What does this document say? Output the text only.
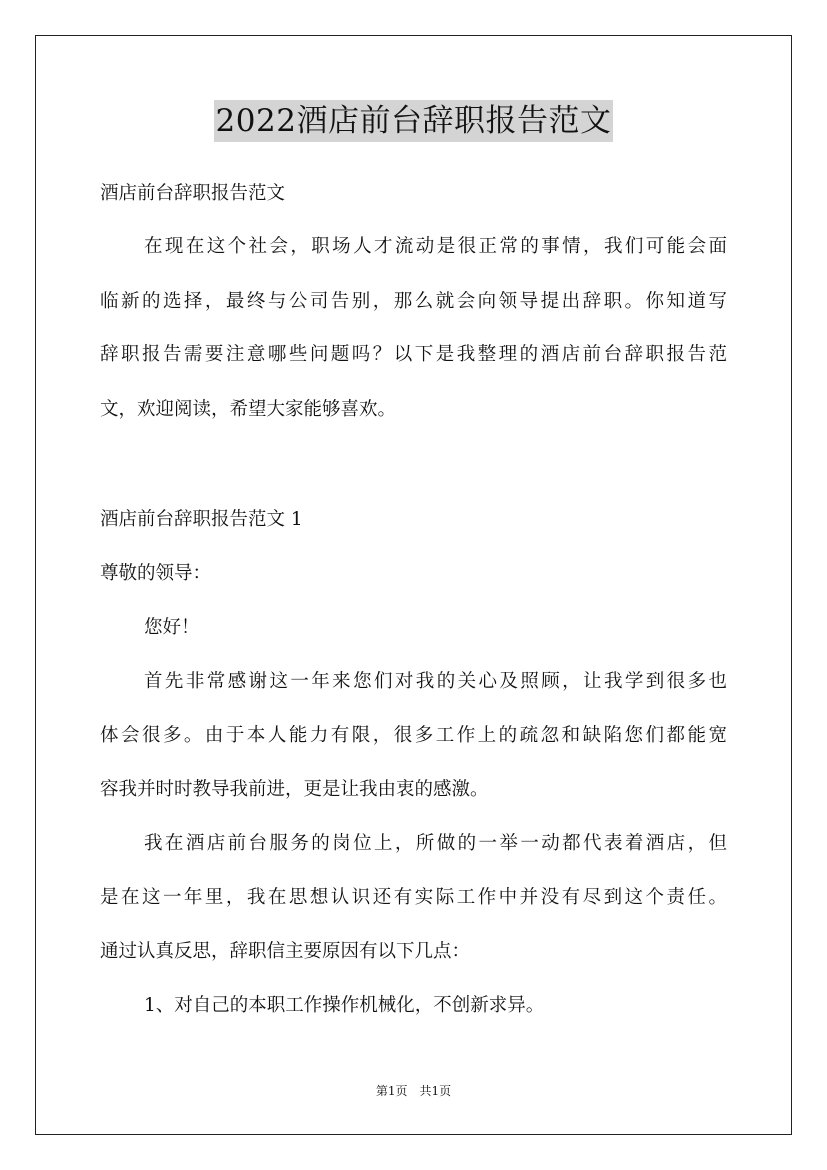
2022酒店前台辞职报告范文
酒店前台辞职报告范文
在现在这个社会，职场人才流动是很正常的事情，我们可能会面
临新的选择，最终与公司告别，那么就会向领导提出辞职。你知道写
辞职报告需要注意哪些问题吗？以下是我整理的酒店前台辞职报告范
文，欢迎阅读，希望大家能够喜欢。
酒店前台辞职报告范文 1
尊敬的领导：
您好！
首先非常感谢这一年来您们对我的关心及照顾，让我学到很多也
体会很多。由于本人能力有限，很多工作上的疏忽和缺陷您们都能宽
容我并时时教导我前进，更是让我由衷的感激。
我在酒店前台服务的岗位上，所做的一举一动都代表着酒店，但
是在这一年里，我在思想认识还有实际工作中并没有尽到这个责任。
通过认真反思，辞职信主要原因有以下几点：
1、对自己的本职工作操作机械化，不创新求异。
第1页　共1页
